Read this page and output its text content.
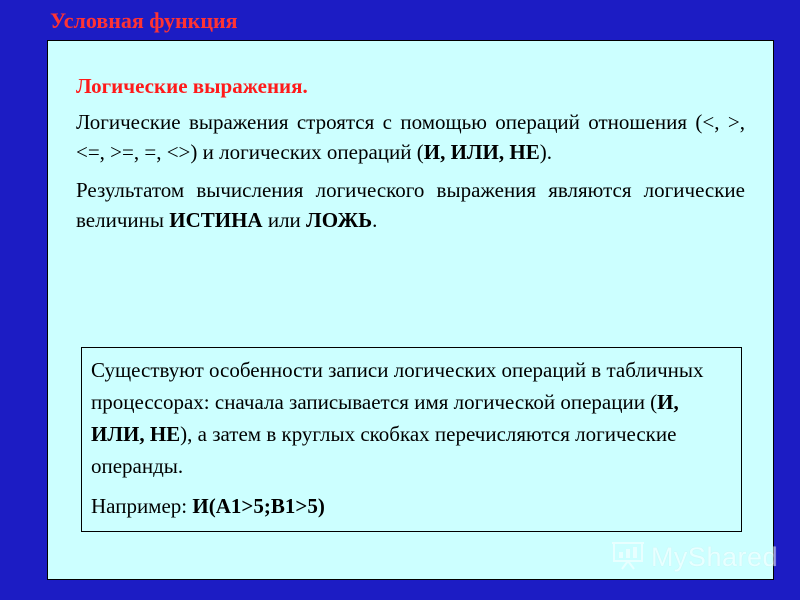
Условная функция

Логические выражения.

Логические выражения строятся с помощью операций отношения (<, >, <=, >=, =, <>) и логических операций (И, ИЛИ, НЕ).

Результатом вычисления логического выражения являются логические величины ИСТИНА или ЛОЖЬ.

Существуют особенности записи логических операций в табличных процессорах: сначала записывается имя логической операции (И, ИЛИ, НЕ), а затем в круглых скобках перечисляются логические операнды.

Например: И(A1>5;B1>5)

MyShared
